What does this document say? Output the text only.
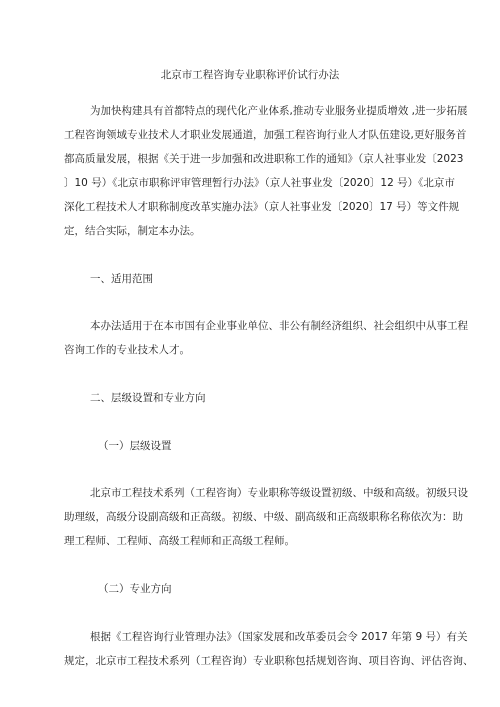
北京市工程咨询专业职称评价试行办法
为加快构建具有首都特点的现代化产业体系,推动专业服务业提质增效 ,进一步拓展
工程咨询领域专业技术人才职业发展通道，加强工程咨询行业人才队伍建设,更好服务首
都高质量发展，根据《关于进一步加强和改进职称工作的通知》（京人社事业发〔2023
〕10 号）《北京市职称评审管理暂行办法》（京人社事业发〔2020〕12 号）《北京市
深化工程技术人才职称制度改革实施办法》（京人社事业发〔2020〕17 号）等文件规
定，结合实际，制定本办法。
一、适用范围
本办法适用于在本市国有企业事业单位、非公有制经济组织、社会组织中从事工程
咨询工作的专业技术人才。
二、层级设置和专业方向
（一）层级设置
北京市工程技术系列（工程咨询）专业职称等级设置初级、中级和高级。初级只设
助理级，高级分设副高级和正高级。初级、中级、副高级和正高级职称名称依次为：助
理工程师、工程师、高级工程师和正高级工程师。
（二）专业方向
根据《工程咨询行业管理办法》（国家发展和改革委员会令 2017 年第 9 号）有关
规定，北京市工程技术系列（工程咨询）专业职称包括规划咨询、项目咨询、评估咨询、
